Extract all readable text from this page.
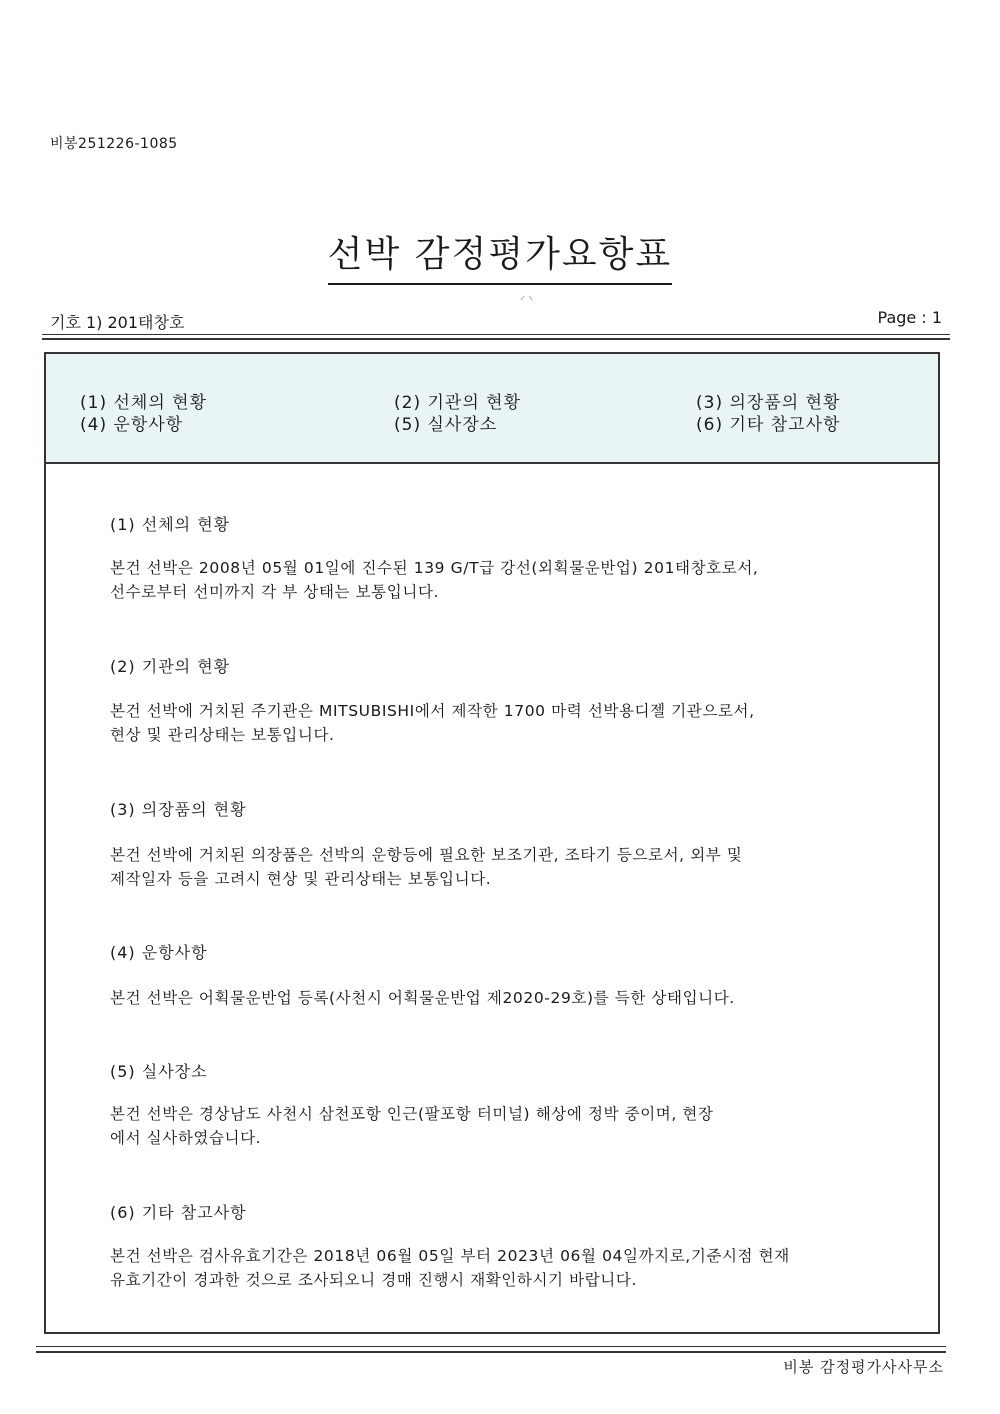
비봉251226-1085
선박 감정평가요항표
⸝ ⸜
기호 1) 201태창호	Page : 1
(1) 선체의 현황	(2) 기관의 현황	(3) 의장품의 현황
(4) 운항사항	(5) 실사장소	(6) 기타 참고사항
(1) 선체의 현황
본건 선박은 2008년 05월 01일에 진수된 139 G/T급 강선(외획물운반업) 201태창호로서,
선수로부터 선미까지 각 부 상태는 보통입니다.
(2) 기관의 현황
본건 선박에 거치된 주기관은 MITSUBISHI에서 제작한 1700 마력 선박용디젤 기관으로서,
현상 및 관리상태는 보통입니다.
(3) 의장품의 현황
본건 선박에 거치된 의장품은 선박의 운항등에 필요한 보조기관, 조타기 등으로서, 외부 및
제작일자 등을 고려시 현상 및 관리상태는 보통입니다.
(4) 운항사항
본건 선박은 어획물운반업 등록(사천시 어획물운반업 제2020-29호)를 득한 상태입니다.
(5) 실사장소
본건 선박은 경상남도 사천시 삼천포항 인근(팔포항 터미널) 해상에 정박 중이며, 현장
에서 실사하였습니다.
(6) 기타 참고사항
본건 선박은 검사유효기간은 2018년 06월 05일 부터 2023년 06월 04일까지로,기준시점 현재
유효기간이 경과한 것으로 조사되오니 경매 진행시 재확인하시기 바랍니다.
비봉 감정평가사사무소
